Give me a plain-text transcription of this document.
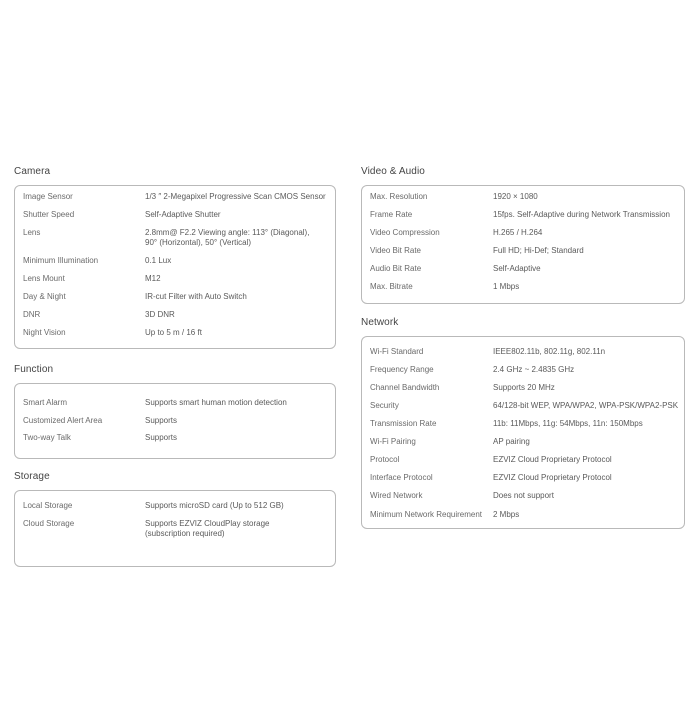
Camera
Image Sensor	1/3 ″ 2-Megapixel Progressive Scan CMOS Sensor
Shutter Speed	Self-Adaptive Shutter
Lens	2.8mm@ F2.2 Viewing angle: 113° (Diagonal), 90° (Horizontal), 50° (Vertical)
Minimum Illumination	0.1 Lux
Lens Mount	M12
Day & Night	IR-cut Filter with Auto Switch
DNR	3D DNR
Night Vision	Up to 5 m / 16 ft
Function
Smart Alarm	Supports smart human motion detection
Customized Alert Area	Supports
Two-way Talk	Supports
Storage
Local Storage	Supports microSD card (Up to 512 GB)
Cloud Storage	Supports EZVIZ CloudPlay storage (subscription required)
Video & Audio
Max. Resolution	1920 × 1080
Frame Rate	15fps. Self-Adaptive during Network Transmission
Video Compression	H.265 / H.264
Video Bit Rate	Full HD; Hi-Def; Standard
Audio Bit Rate	Self-Adaptive
Max. Bitrate	1 Mbps
Network
Wi-Fi Standard	IEEE802.11b, 802.11g, 802.11n
Frequency Range	2.4 GHz ~ 2.4835 GHz
Channel Bandwidth	Supports 20 MHz
Security	64/128-bit WEP, WPA/WPA2, WPA-PSK/WPA2-PSK
Transmission Rate	11b: 11Mbps, 11g: 54Mbps, 11n: 150Mbps
Wi-Fi Pairing	AP pairing
Protocol	EZVIZ Cloud Proprietary Protocol
Interface Protocol	EZVIZ Cloud Proprietary Protocol
Wired Network	Does not support
Minimum Network Requirement	2 Mbps
